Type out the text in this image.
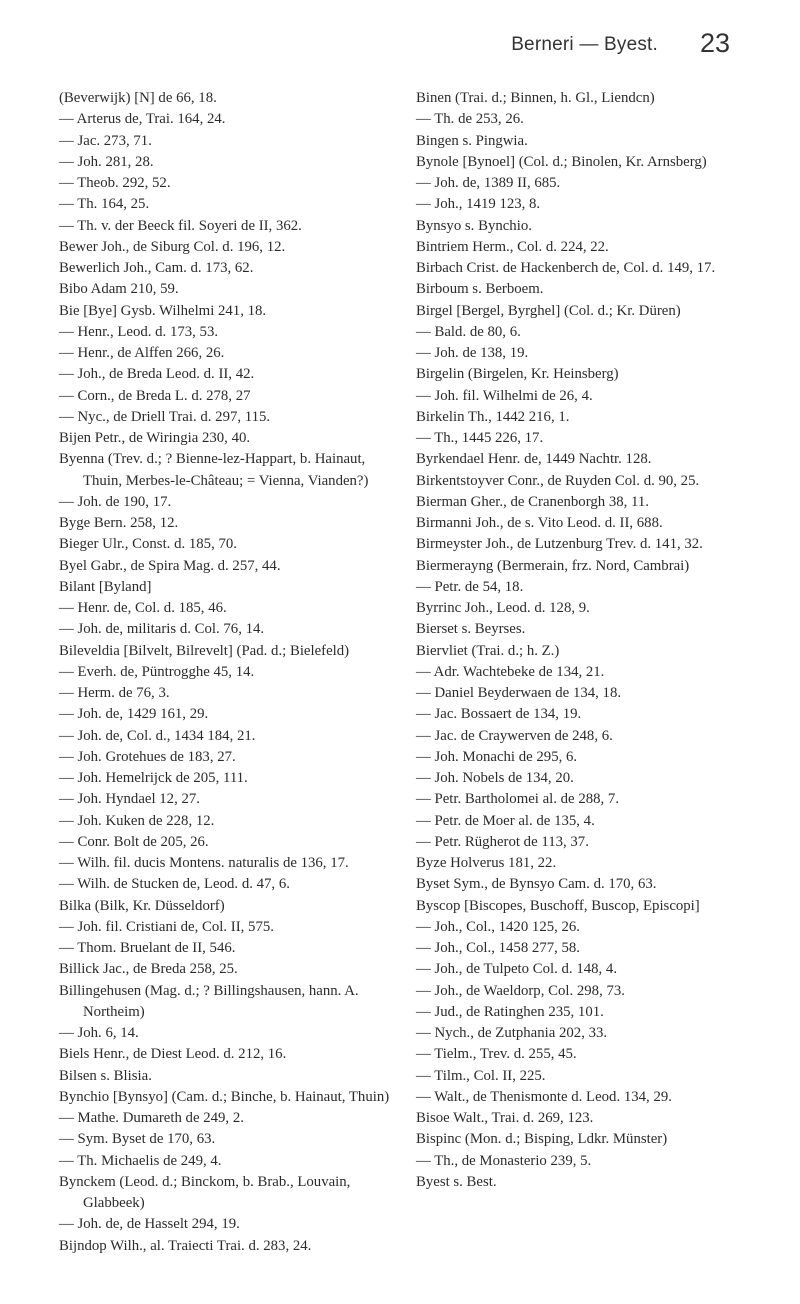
Berneri — Byest. 23

(Beverwijk) [N] de 66, 18.

— Arterus de, Trai. 164, 24.

— Jac. 273, 71.

— Joh. 281, 28.

— Theob. 292, 52.

— Th. 164, 25.

— Th. v. der Beeck fil. Soyeri de II, 362.

Bewer Joh., de Siburg Col. d. 196, 12.

Bewerlich Joh., Cam. d. 173, 62.

Bibo Adam 210, 59.

Bie [Bye] Gysb. Wilhelmi 241, 18.

— Henr., Leod. d. 173, 53.

— Henr., de Alffen 266, 26.

— Joh., de Breda Leod. d. II, 42.

— Corn., de Breda L. d. 278, 27

— Nyc., de Driell Trai. d. 297, 115.

Bijen Petr., de Wiringia 230, 40.

Byenna (Trev. d.; ? Bienne-lez-Happart, b. Hainaut, Thuin, Merbes-le-Château; = Vienna, Vianden?)

— Joh. de 190, 17.

Byge Bern. 258, 12.

Bieger Ulr., Const. d. 185, 70.

Byel Gabr., de Spira Mag. d. 257, 44.

Bilant [Byland]

— Henr. de, Col. d. 185, 46.

— Joh. de, militaris d. Col. 76, 14.

Bileveldia [Bilvelt, Bilrevelt] (Pad. d.; Bielefeld)

— Everh. de, Püntrogghe 45, 14.

— Herm. de 76, 3.

— Joh. de, 1429 161, 29.

— Joh. de, Col. d., 1434 184, 21.

— Joh. Grotehues de 183, 27.

— Joh. Hemelrijck de 205, 111.

— Joh. Hyndael 12, 27.

— Joh. Kuken de 228, 12.

— Conr. Bolt de 205, 26.

— Wilh. fil. ducis Montens. naturalis de 136, 17.

— Wilh. de Stucken de, Leod. d. 47, 6.

Bilka (Bilk, Kr. Düsseldorf)

— Joh. fil. Cristiani de, Col. II, 575.

— Thom. Bruelant de II, 546.

Billick Jac., de Breda 258, 25.

Billingehusen (Mag. d.; ? Billingshausen, hann. A. Northeim)

— Joh. 6, 14.

Biels Henr., de Diest Leod. d. 212, 16.

Bilsen s. Blisia.

Bynchio [Bynsyo] (Cam. d.; Binche, b. Hainaut, Thuin)

— Mathe. Dumareth de 249, 2.

— Sym. Byset de 170, 63.

— Th. Michaelis de 249, 4.

Bynckem (Leod. d.; Binckom, b. Brab., Louvain, Glabbeek)

— Joh. de, de Hasselt 294, 19.

Bijndop Wilh., al. Traiecti Trai. d. 283, 24.

Binen (Trai. d.; Binnen, h. Gl., Liendcn)

— Th. de 253, 26.

Bingen s. Pingwia.

Bynole [Bynoel] (Col. d.; Binolen, Kr. Arnsberg)

— Joh. de, 1389 II, 685.

— Joh., 1419 123, 8.

Bynsyo s. Bynchio.

Bintriem Herm., Col. d. 224, 22.

Birbach Crist. de Hackenberch de, Col. d. 149, 17.

Birboum s. Berboem.

Birgel [Bergel, Byrghel] (Col. d.; Kr. Düren)

— Bald. de 80, 6.

— Joh. de 138, 19.

Birgelin (Birgelen, Kr. Heinsberg)

— Joh. fil. Wilhelmi de 26, 4.

Birkelin Th., 1442 216, 1.

— Th., 1445 226, 17.

Byrkendael Henr. de, 1449 Nachtr. 128.

Birkentstoyver Conr., de Ruyden Col. d. 90, 25.

Bierman Gher., de Cranenborgh 38, 11.

Birmanni Joh., de s. Vito Leod. d. II, 688.

Birmeyster Joh., de Lutzenburg Trev. d. 141, 32.

Biermerayng (Bermerain, frz. Nord, Cambrai)

— Petr. de 54, 18.

Byrrinc Joh., Leod. d. 128, 9.

Bierset s. Beyrses.

Biervliet (Trai. d.; h. Z.)

— Adr. Wachtebeke de 134, 21.

— Daniel Beyderwaen de 134, 18.

— Jac. Bossaert de 134, 19.

— Jac. de Craywerven de 248, 6.

— Joh. Monachi de 295, 6.

— Joh. Nobels de 134, 20.

— Petr. Bartholomei al. de 288, 7.

— Petr. de Moer al. de 135, 4.

— Petr. Rügherot de 113, 37.

Byze Holverus 181, 22.

Byset Sym., de Bynsyo Cam. d. 170, 63.

Byscop [Biscopes, Buschoff, Buscop, Episcopi]

— Joh., Col., 1420 125, 26.

— Joh., Col., 1458 277, 58.

— Joh., de Tulpeto Col. d. 148, 4.

— Joh., de Waeldorp, Col. 298, 73.

— Jud., de Ratinghen 235, 101.

— Nych., de Zutphania 202, 33.

— Tielm., Trev. d. 255, 45.

— Tilm., Col. II, 225.

— Walt., de Thenismonte d. Leod. 134, 29.

Bisoe Walt., Trai. d. 269, 123.

Bispinc (Mon. d.; Bisping, Ldkr. Münster)

— Th., de Monasterio 239, 5.

Byest s. Best.
